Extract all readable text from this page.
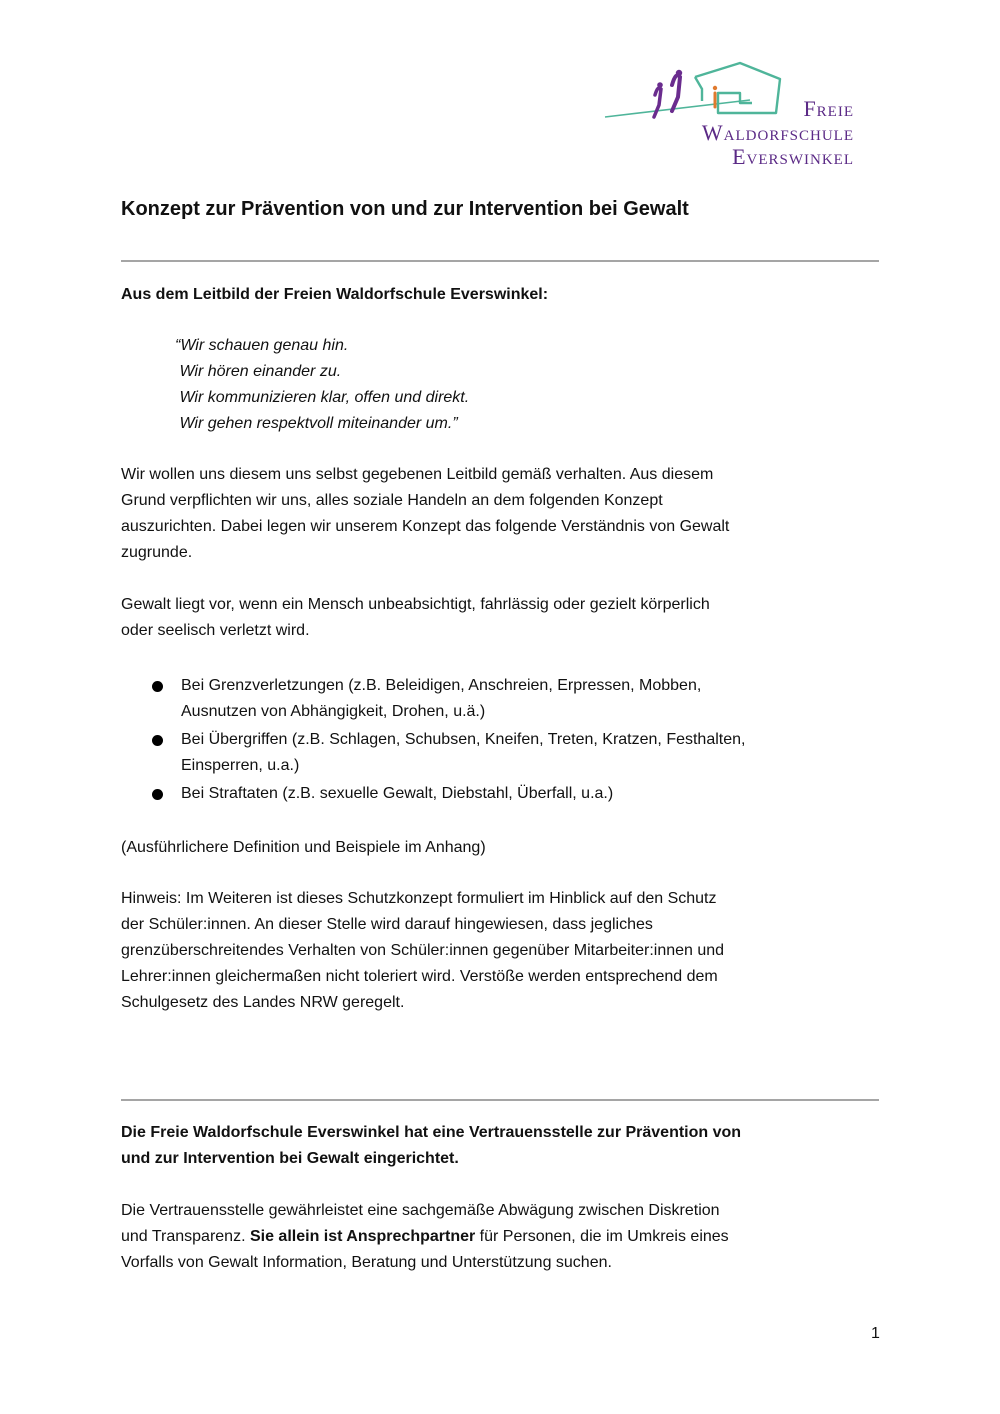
Freie
Waldorfschule
Everswinkel
Konzept zur Prävention von und zur Intervention bei Gewalt

Aus dem Leitbild der Freien Waldorfschule Everswinkel:

“Wir schauen genau hin.
Wir hören einander zu.
Wir kommunizieren klar, offen und direkt.
Wir gehen respektvoll miteinander um.”
Wir wollen uns diesem uns selbst gegebenen Leitbild gemäß verhalten. Aus diesem
Grund verpflichten wir uns, alles soziale Handeln an dem folgenden Konzept
auszurichten. Dabei legen wir unserem Konzept das folgende Verständnis von Gewalt
zugrunde.
Gewalt liegt vor, wenn ein Mensch unbeabsichtigt, fahrlässig oder gezielt körperlich
oder seelisch verletzt wird.
Bei Grenzverletzungen (z.B. Beleidigen, Anschreien, Erpressen, Mobben,
Ausnutzen von Abhängigkeit, Drohen, u.ä.)
Bei Übergriffen (z.B. Schlagen, Schubsen, Kneifen, Treten, Kratzen, Festhalten,
Einsperren, u.a.)
Bei Straftaten (z.B. sexuelle Gewalt, Diebstahl, Überfall, u.a.)

(Ausführlichere Definition und Beispiele im Anhang)

Hinweis: Im Weiteren ist dieses Schutzkonzept formuliert im Hinblick auf den Schutz
der Schüler:innen. An dieser Stelle wird darauf hingewiesen, dass jegliches
grenzüberschreitendes Verhalten von Schüler:innen gegenüber Mitarbeiter:innen und
Lehrer:innen gleichermaßen nicht toleriert wird. Verstöße werden entsprechend dem
Schulgesetz des Landes NRW geregelt.
Die Freie Waldorfschule Everswinkel hat eine Vertrauensstelle zur Prävention von
und zur Intervention bei Gewalt eingerichtet.
Die Vertrauensstelle gewährleistet eine sachgemäße Abwägung zwischen Diskretion
und Transparenz. Sie allein ist Ansprechpartner für Personen, die im Umkreis eines
Vorfalls von Gewalt Information, Beratung und Unterstützung suchen.
1
